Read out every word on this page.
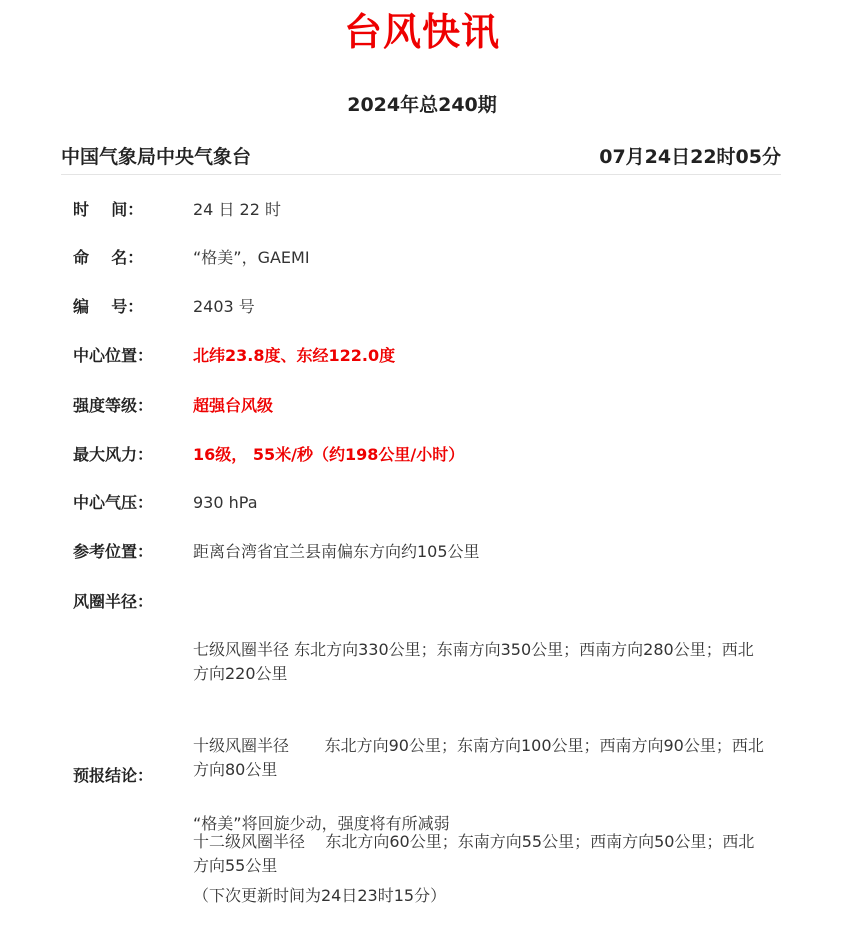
台风快讯
2024年总240期
中国气象局中央气象台	07月24日22时05分
时    间：	24 日 22 时
命    名：	“格美”，GAEMI
编    号：	2403 号
中心位置： 北纬23.8度、东经122.0度
强度等级： 超强台风级
最大风力： 16级， 55米/秒（约198公里/小时）
中心气压： 930 hPa
参考位置： 距离台湾省宜兰县南偏东方向约105公里
风圈半径：

七级风圈半径 东北方向330公里；东南方向350公里；西南方向280公里；西北方向220公里

十级风圈半径       东北方向90公里；东南方向100公里；西南方向90公里；西北方向80公里

十二级风圈半径    东北方向60公里；东南方向55公里；西南方向50公里；西北方向55公里

预报结论：

“格美”将回旋少动，强度将有所减弱

（下次更新时间为24日23时15分）
